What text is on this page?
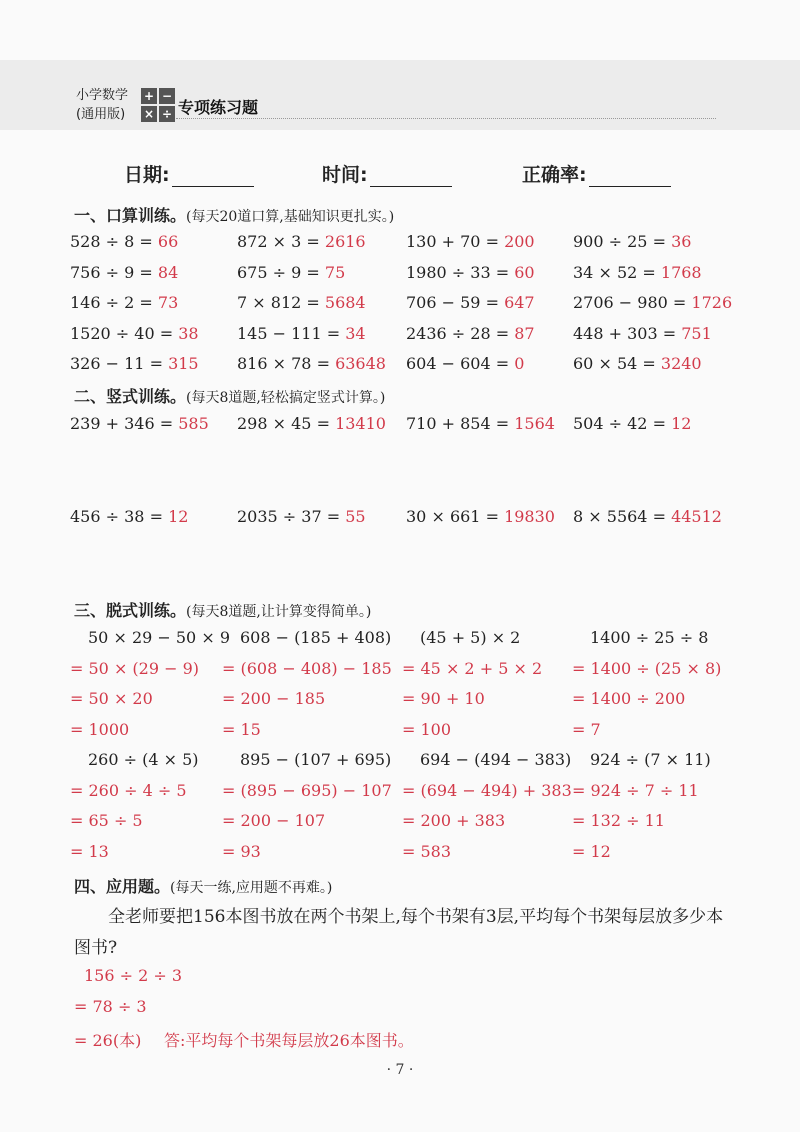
小学数学
(通用版)
+ −
× ÷ 专项练习题
日期:	时间:	正确率:
一、口算训练。(每天20道口算,基础知识更扎实。)
528 ÷ 8 = 66	872 × 3 = 2616	130 + 70 = 200 900 ÷ 25 = 36
756 ÷ 9 = 84	675 ÷ 9 = 75	1980 ÷ 33 = 60 34 × 52 = 1768
146 ÷ 2 = 73	7 × 812 = 5684	706 − 59 = 647 2706 − 980 = 1726
1520 ÷ 40 = 38 145 − 111 = 34	2436 ÷ 28 = 87 448 + 303 = 751
326 − 11 = 315 816 × 78 = 63648 604 − 604 = 0	60 × 54 = 3240
二、竖式训练。(每天8道题,轻松搞定竖式计算。)
239 + 346 = 585 298 × 45 = 13410 710 + 854 = 1564 504 ÷ 42 = 12
456 ÷ 38 = 12	2035 ÷ 37 = 55	30 × 661 = 19830 8 × 5564 = 44512
三、脱式训练。(每天8道题,让计算变得简单。)
50 × 29 − 50 × 9
= 50 × (29 − 9)
= 50 × 20
= 1000
608 − (185 + 408)
= (608 − 408) − 185
= 200 − 185
= 15
(45 + 5) × 2
= 45 × 2 + 5 × 2
= 90 + 10
= 100
1400 ÷ 25 ÷ 8
= 1400 ÷ (25 × 8)
= 1400 ÷ 200
= 7
260 ÷ (4 × 5)
= 260 ÷ 4 ÷ 5
= 65 ÷ 5
= 13
895 − (107 + 695)
= (895 − 695) − 107
= 200 − 107
= 93
694 − (494 − 383)
= (694 − 494) + 383
= 200 + 383
= 583
924 ÷ (7 × 11)
= 924 ÷ 7 ÷ 11
= 132 ÷ 11
= 12
四、应用题。(每天一练,应用题不再难。)
全老师要把156本图书放在两个书架上,每个书架有3层,平均每个书架每层放多少本图书?
156 ÷ 2 ÷ 3
= 78 ÷ 3
= 26(本) 答:平均每个书架每层放26本图书。
· 7 ·
